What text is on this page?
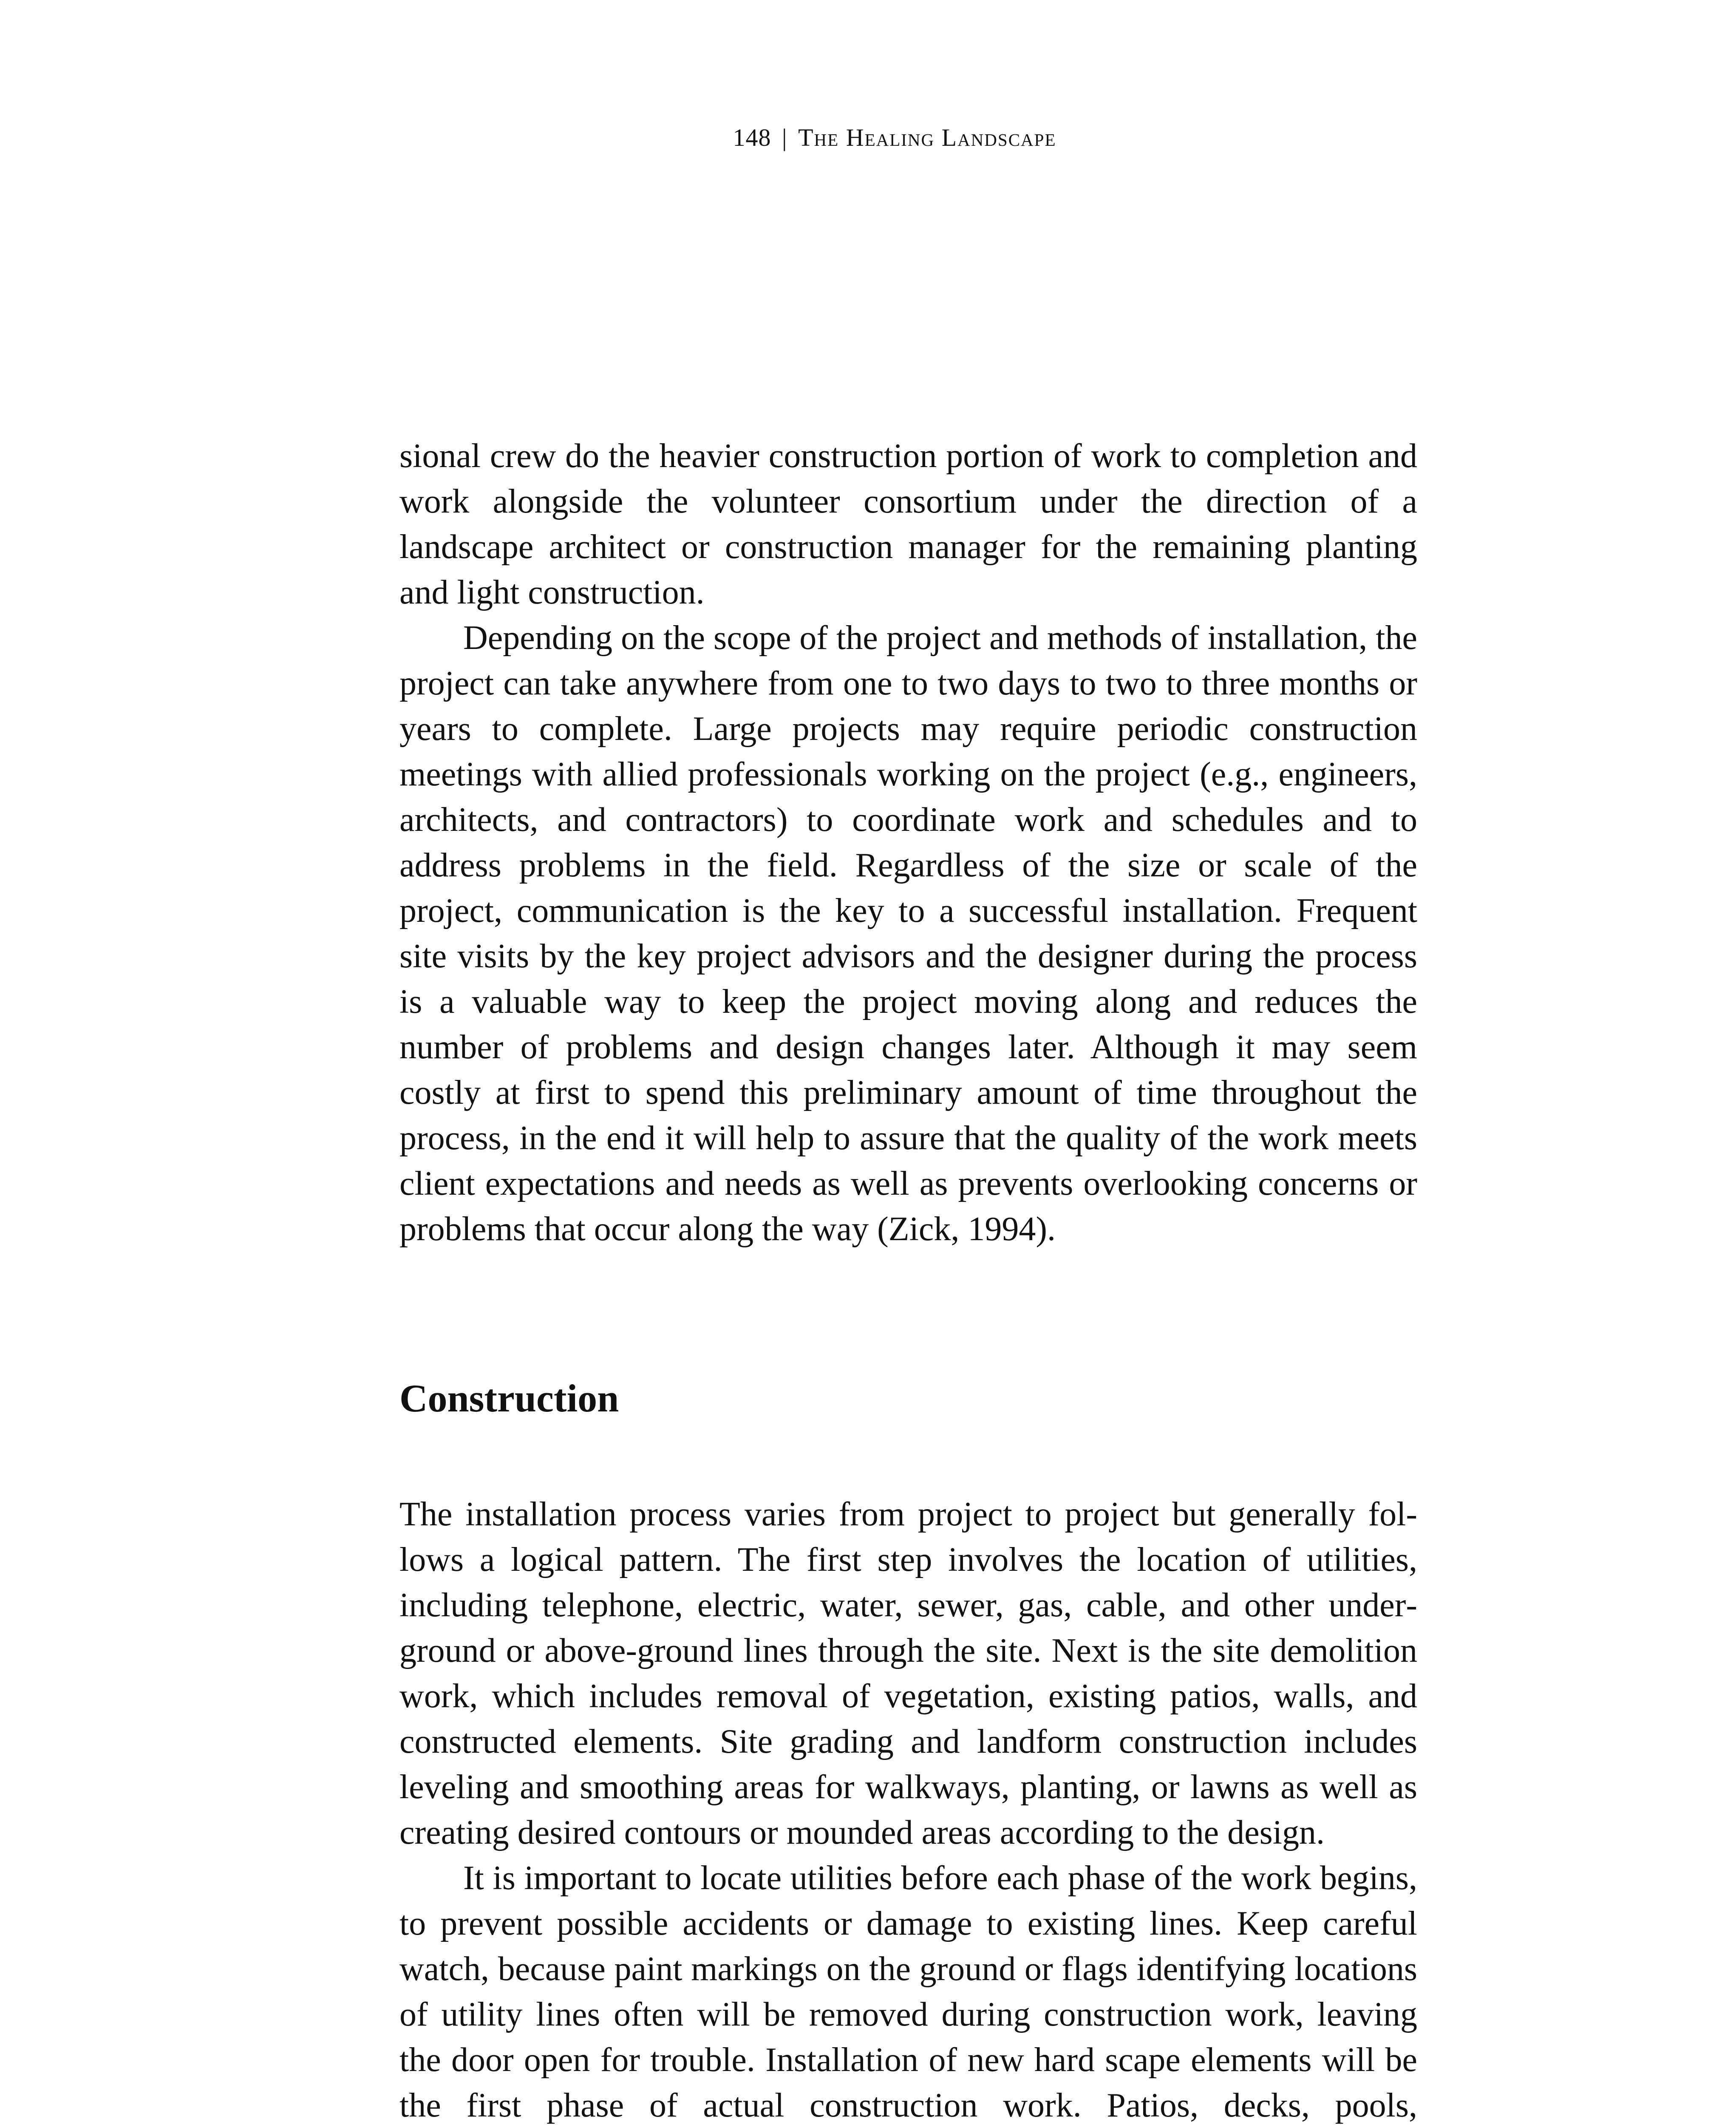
148 | The Healing Landscape

sional crew do the heavier construction portion of work to completion and work alongside the volunteer consortium under the direction of a landscape architect or construction manager for the remaining planting and light construction.

Depending on the scope of the project and methods of installation, the project can take anywhere from one to two days to two to three months or years to complete. Large projects may require periodic construction meetings with allied professionals working on the project (e.g., engineers, architects, and contractors) to coordinate work and schedules and to address problems in the field. Regardless of the size or scale of the project, communication is the key to a successful installation. Frequent site visits by the key project advisors and the designer during the process is a valuable way to keep the project moving along and reduces the number of problems and design changes later. Although it may seem costly at first to spend this preliminary amount of time throughout the process, in the end it will help to assure that the quality of the work meets client expectations and needs as well as prevents overlooking concerns or problems that occur along the way (Zick, 1994).

Construction

The installation process varies from project to project but generally follows a logical pattern. The first step involves the location of utilities, including telephone, electric, water, sewer, gas, cable, and other underground or above-ground lines through the site. Next is the site demolition work, which includes removal of vegetation, existing patios, walls, and constructed elements. Site grading and landform construction includes leveling and smoothing areas for walkways, planting, or lawns as well as creating desired contours or mounded areas according to the design.

It is important to locate utilities before each phase of the work begins, to prevent possible accidents or damage to existing lines. Keep careful watch, because paint markings on the ground or flags identifying locations of utility lines often will be removed during construction work, leaving the door open for trouble. Installation of new hard scape elements will be the first phase of actual construction work. Patios, decks, pools,
